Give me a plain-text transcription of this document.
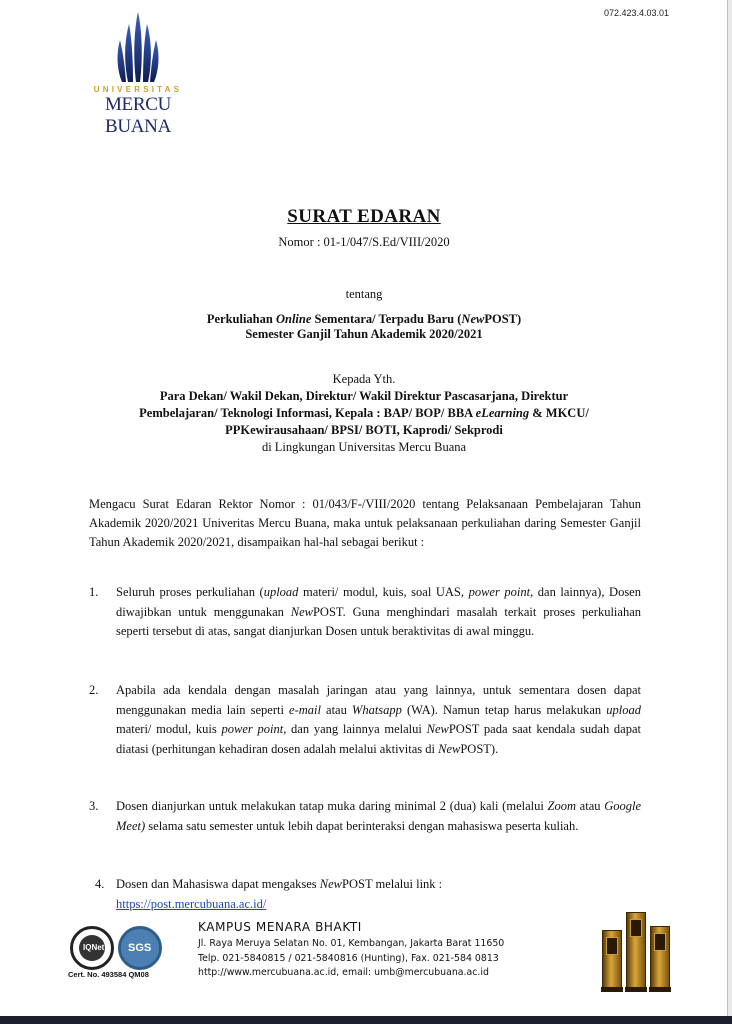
072.423.4.03.01
UNIVERSITAS
MERCU BUANA
SURAT EDARAN
Nomor : 01-1/047/S.Ed/VIII/2020
tentang
Perkuliahan Online Sementara/ Terpadu Baru (NewPOST)
Semester Ganjil Tahun Akademik 2020/2021
Kepada Yth.
Para Dekan/ Wakil Dekan, Direktur/ Wakil Direktur Pascasarjana, Direktur
Pembelajaran/ Teknologi Informasi, Kepala : BAP/ BOP/ BBA eLearning & MKCU/
PPKewirausahaan/ BPSI/ BOTI, Kaprodi/ Sekprodi
di Lingkungan Universitas Mercu Buana
Mengacu Surat Edaran Rektor Nomor : 01/043/F-/VIII/2020 tentang Pelaksanaan Pembelajaran Tahun Akademik 2020/2021 Univeritas Mercu Buana, maka untuk pelaksanaan perkuliahan daring Semester Ganjil Tahun Akademik 2020/2021, disampaikan hal-hal sebagai berikut :
1.	Seluruh proses perkuliahan (upload materi/ modul, kuis, soal UAS, power point, dan lainnya), Dosen diwajibkan untuk menggunakan NewPOST. Guna menghindari masalah terkait proses perkuliahan seperti tersebut di atas, sangat dianjurkan Dosen untuk beraktivitas di awal minggu.
2.	Apabila ada kendala dengan masalah jaringan atau yang lainnya, untuk sementara dosen dapat menggunakan media lain seperti e-mail atau Whatsapp (WA). Namun tetap harus melakukan upload materi/ modul, kuis power point, dan yang lainnya melalui NewPOST pada saat kendala sudah dapat diatasi (perhitungan kehadiran dosen adalah melalui aktivitas di NewPOST).
3.	Dosen dianjurkan untuk melakukan tatap muka daring minimal 2 (dua) kali (melalui Zoom atau Google Meet) selama satu semester untuk lebih dapat berinteraksi dengan mahasiswa peserta kuliah.
4. Dosen dan Mahasiswa dapat mengakses NewPOST melalui link :
https://post.mercubuana.ac.id/
IQNet SGS
Cert. No. 493584 QM08
KAMPUS MENARA BHAKTI
Jl. Raya Meruya Selatan No. 01, Kembangan, Jakarta Barat 11650
Telp. 021-5840815 / 021-5840816 (Hunting), Fax. 021-584 0813
http://www.mercubuana.ac.id, email: umb@mercubuana.ac.id
